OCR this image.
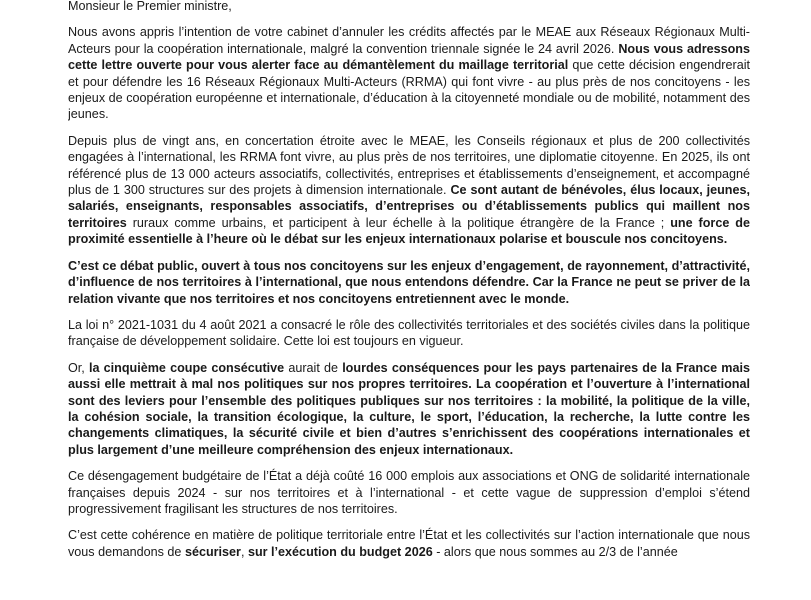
Monsieur le Premier ministre,

Nous avons appris l’intention de votre cabinet d’annuler les crédits affectés par le MEAE aux Réseaux Régionaux Multi-Acteurs pour la coopération internationale, malgré la convention triennale signée le 24 avril 2026. Nous vous adressons cette lettre ouverte pour vous alerter face au démantèlement du maillage territorial que cette décision engendrerait et pour défendre les 16 Réseaux Régionaux Multi-Acteurs (RRMA) qui font vivre - au plus près de nos concitoyens - les enjeux de coopération européenne et internationale, d’éducation à la citoyenneté mondiale ou de mobilité, notamment des jeunes.

Depuis plus de vingt ans, en concertation étroite avec le MEAE, les Conseils régionaux et plus de 200 collectivités engagées à l’international, les RRMA font vivre, au plus près de nos territoires, une diplomatie citoyenne. En 2025, ils ont référencé plus de 13 000 acteurs associatifs, collectivités, entreprises et établissements d’enseignement, et accompagné plus de 1 300 structures sur des projets à dimension internationale. Ce sont autant de bénévoles, élus locaux, jeunes, salariés, enseignants, responsables associatifs, d’entreprises ou d’établissements publics qui maillent nos territoires ruraux comme urbains, et participent à leur échelle à la politique étrangère de la France ; une force de proximité essentielle à l’heure où le débat sur les enjeux internationaux polarise et bouscule nos concitoyens.

C’est ce débat public, ouvert à tous nos concitoyens sur les enjeux d’engagement, de rayonnement, d’attractivité, d’influence de nos territoires à l’international, que nous entendons défendre. Car la France ne peut se priver de la relation vivante que nos territoires et nos concitoyens entretiennent avec le monde.

La loi n° 2021-1031 du 4 août 2021 a consacré le rôle des collectivités territoriales et des sociétés civiles dans la politique française de développement solidaire. Cette loi est toujours en vigueur.

Or, la cinquième coupe consécutive aurait de lourdes conséquences pour les pays partenaires de la France mais aussi elle mettrait à mal nos politiques sur nos propres territoires. La coopération et l’ouverture à l’international sont des leviers pour l’ensemble des politiques publiques sur nos territoires : la mobilité, la politique de la ville, la cohésion sociale, la transition écologique, la culture, le sport, l’éducation, la recherche, la lutte contre les changements climatiques, la sécurité civile et bien d’autres s’enrichissent des coopérations internationales et plus largement d’une meilleure compréhension des enjeux internationaux.

Ce désengagement budgétaire de l’État a déjà coûté 16 000 emplois aux associations et ONG de solidarité internationale françaises depuis 2024 - sur nos territoires et à l’international - et cette vague de suppression d’emploi s’étend progressivement fragilisant les structures de nos territoires.

C’est cette cohérence en matière de politique territoriale entre l’État et les collectivités sur l’action internationale que nous vous demandons de sécuriser, sur l’exécution du budget 2026 - alors que nous sommes au 2/3 de l’année
